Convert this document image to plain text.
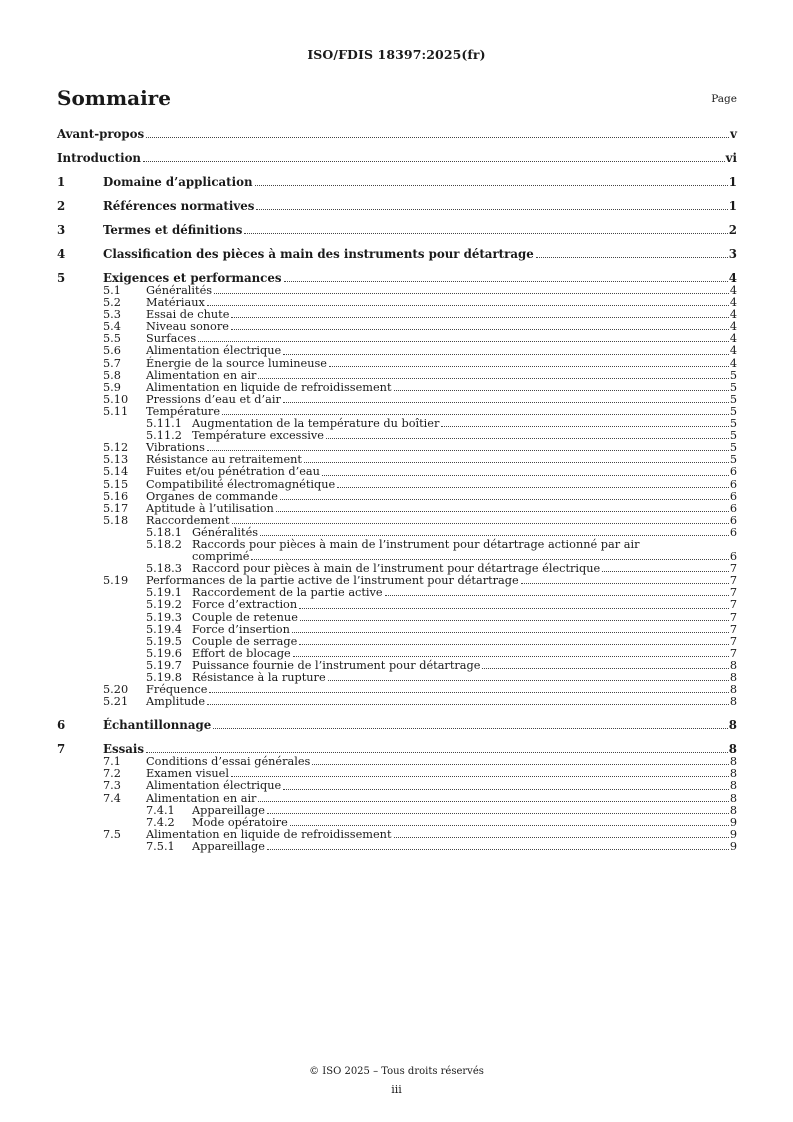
ISO/FDIS 18397:2025(fr)
Sommaire	Page
Avant-propos	v
Introduction	vi
1	Domaine d’application	1
2	Références normatives	1
3	Termes et définitions	2
4	Classification des pièces à main des instruments pour détartrage	3
5	Exigences et performances	4
5.1	Généralités	4
5.2	Matériaux	4
5.3	Essai de chute	4
5.4	Niveau sonore	4
5.5	Surfaces	4
5.6	Alimentation électrique	4
5.7	Énergie de la source lumineuse	4
5.8	Alimentation en air	5
5.9	Alimentation en liquide de refroidissement	5
5.10	Pressions d’eau et d’air	5
5.11	Température	5
5.11.1 Augmentation de la température du boîtier	5
5.11.2 Température excessive	5
5.12	Vibrations	5
5.13	Résistance au retraitement	5
5.14	Fuites et/ou pénétration d’eau	6
5.15	Compatibilité électromagnétique	6
5.16	Organes de commande	6
5.17	Aptitude à l’utilisation	6
5.18	Raccordement	6
5.18.1 Généralités	6
5.18.2 Raccords pour pièces à main de l’instrument pour détartrage actionné par air
comprimé	6
5.18.3 Raccord pour pièces à main de l’instrument pour détartrage électrique	7
5.19	Performances de la partie active de l’instrument pour détartrage	7
5.19.1 Raccordement de la partie active	7
5.19.2 Force d’extraction	7
5.19.3 Couple de retenue	7
5.19.4 Force d’insertion	7
5.19.5 Couple de serrage	7
5.19.6 Effort de blocage	7
5.19.7 Puissance fournie de l’instrument pour détartrage	8
5.19.8 Résistance à la rupture	8
5.20	Fréquence	8
5.21	Amplitude	8
6	Échantillonnage	8
7	Essais	8
7.1	Conditions d’essai générales	8
7.2	Examen visuel	8
7.3	Alimentation électrique	8
7.4	Alimentation en air	8
7.4.1	Appareillage	8
7.4.2	Mode opératoire	9
7.5	Alimentation en liquide de refroidissement	9
7.5.1	Appareillage	9
© ISO 2025 – Tous droits réservés
iii
